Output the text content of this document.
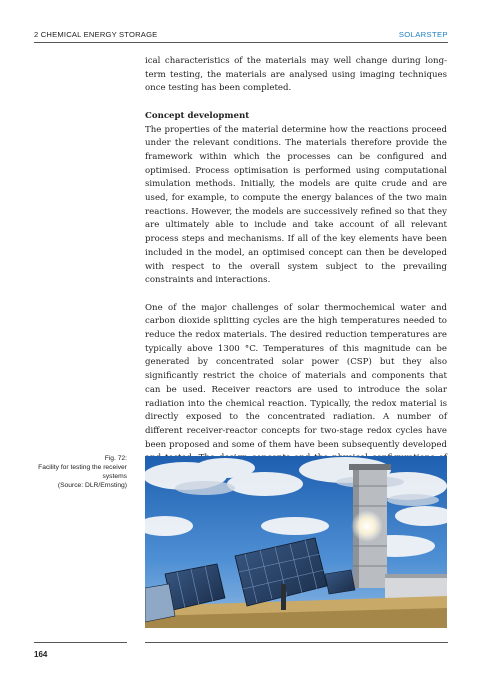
2 CHEMICAL ENERGY STORAGE	SOLARSTEP

ical characteristics of the materials may well change during long-term testing, the materials are analysed using imaging techniques once testing has been completed.

Concept development

The properties of the material determine how the reactions proceed under the relevant conditions. The materials therefore provide the framework within which the processes can be configured and optimised. Process optimisation is performed using computational simulation methods. Initially, the models are quite crude and are used, for example, to compute the energy balances of the two main reactions. However, the models are successively refined so that they are ultimately able to include and take account of all relevant process steps and mechanisms. If all of the key elements have been included in the model, an optimised concept can then be developed with respect to the overall system subject to the prevailing constraints and interactions.

One of the major challenges of solar thermochemical water and carbon dioxide splitting cycles are the high temperatures needed to reduce the redox materials. The desired reduction temperatures are typically above 1300 °C. Temperatures of this magnitude can be generated by concentrated solar power (CSP) but they also significantly restrict the choice of materials and components that can be used. Receiver reactors are used to introduce the solar radiation into the chemical reaction. Typically, the redox material is directly exposed to the concentrated radiation. A number of different receiver-reactor concepts for two-stage redox cycles have been proposed and some of them have been subsequently developed

Fig. 72:
Facility for testing the receiver systems
(Source: DLR/Ernsting)
164
